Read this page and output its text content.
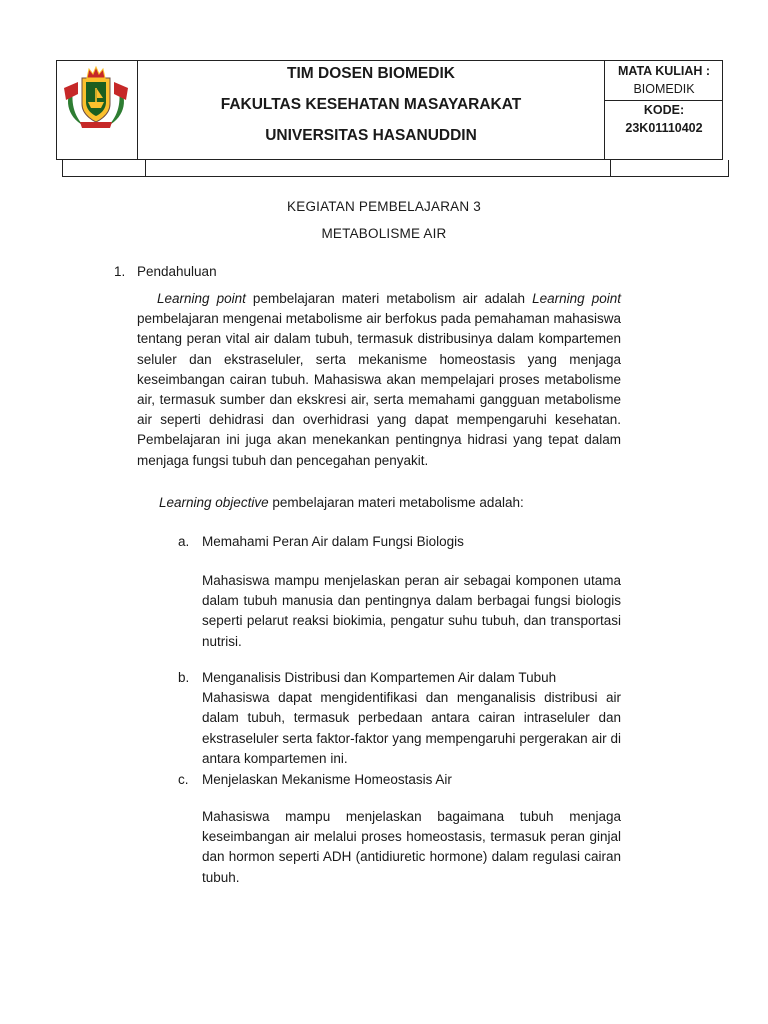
TIM DOSEN BIOMEDIK
FAKULTAS KESEHATAN MASAYARAKAT
UNIVERSITAS HASANUDDIN
MATA KULIAH :
BIOMEDIK
KODE:
23K01110402
KEGIATAN PEMBELAJARAN 3
METABOLISME AIR
1. Pendahuluan

Learning point pembelajaran materi metabolism air adalah Learning point pembelajaran mengenai metabolisme air berfokus pada pemahaman mahasiswa tentang peran vital air dalam tubuh, termasuk distribusinya dalam kompartemen seluler dan ekstraseluler, serta mekanisme homeostasis yang menjaga keseimbangan cairan tubuh. Mahasiswa akan mempelajari proses metabolisme air, termasuk sumber dan ekskresi air, serta memahami gangguan metabolisme air seperti dehidrasi dan overhidrasi yang dapat mempengaruhi kesehatan. Pembelajaran ini juga akan menekankan pentingnya hidrasi yang tepat dalam menjaga fungsi tubuh dan pencegahan penyakit.

Learning objective pembelajaran materi metabolisme adalah:

a. Memahami Peran Air dalam Fungsi Biologis

Mahasiswa mampu menjelaskan peran air sebagai komponen utama dalam tubuh manusia dan pentingnya dalam berbagai fungsi biologis seperti pelarut reaksi biokimia, pengatur suhu tubuh, dan transportasi nutrisi.

b. Menganalisis Distribusi dan Kompartemen Air dalam Tubuh

Mahasiswa dapat mengidentifikasi dan menganalisis distribusi air dalam tubuh, termasuk perbedaan antara cairan intraseluler dan ekstraseluler serta faktor-faktor yang mempengaruhi pergerakan air di antara kompartemen ini.

c. Menjelaskan Mekanisme Homeostasis Air

Mahasiswa mampu menjelaskan bagaimana tubuh menjaga keseimbangan air melalui proses homeostasis, termasuk peran ginjal dan hormon seperti ADH (antidiuretic hormone) dalam regulasi cairan tubuh.
